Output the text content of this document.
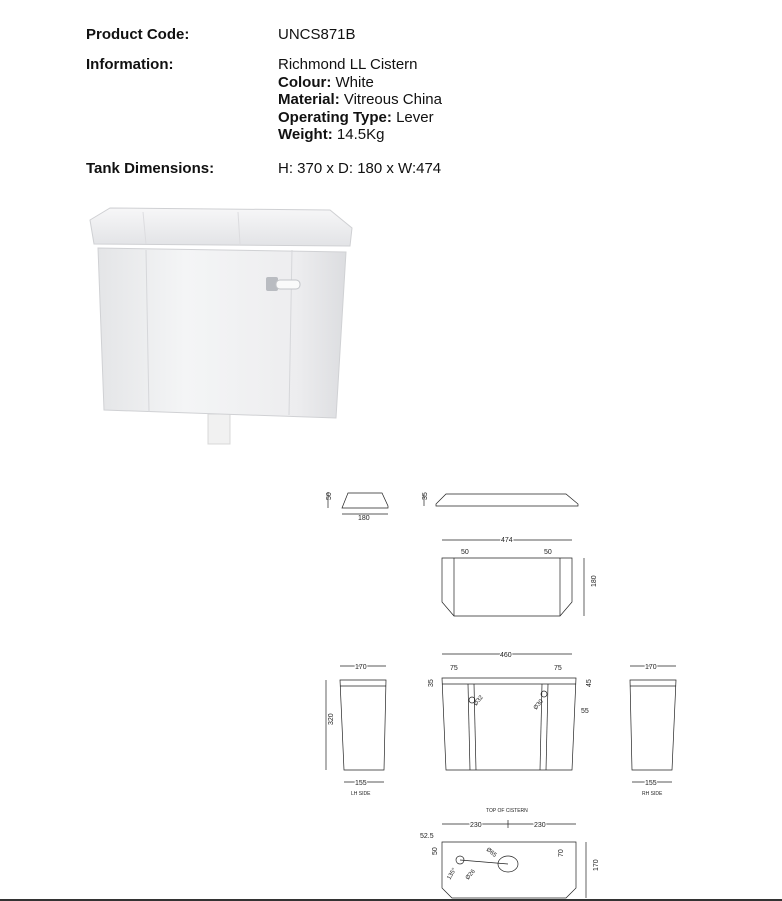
Product Code:	UNCS871B
Information:	Richmond LL Cistern
Colour: White
Material: Vitreous China
Operating Type: Lever
Weight: 14.5Kg
Tank Dimensions:	H: 370 x D: 180 x W:474
50
180
35
474
50	50
180
170
320
155
LH SIDE
460
75	75
35	45
55
Ø32	Ø30
170
155
RH SIDE
TOP OF CISTERN
230	230
52.5
50
135° Ø26
Ø65	70
170
